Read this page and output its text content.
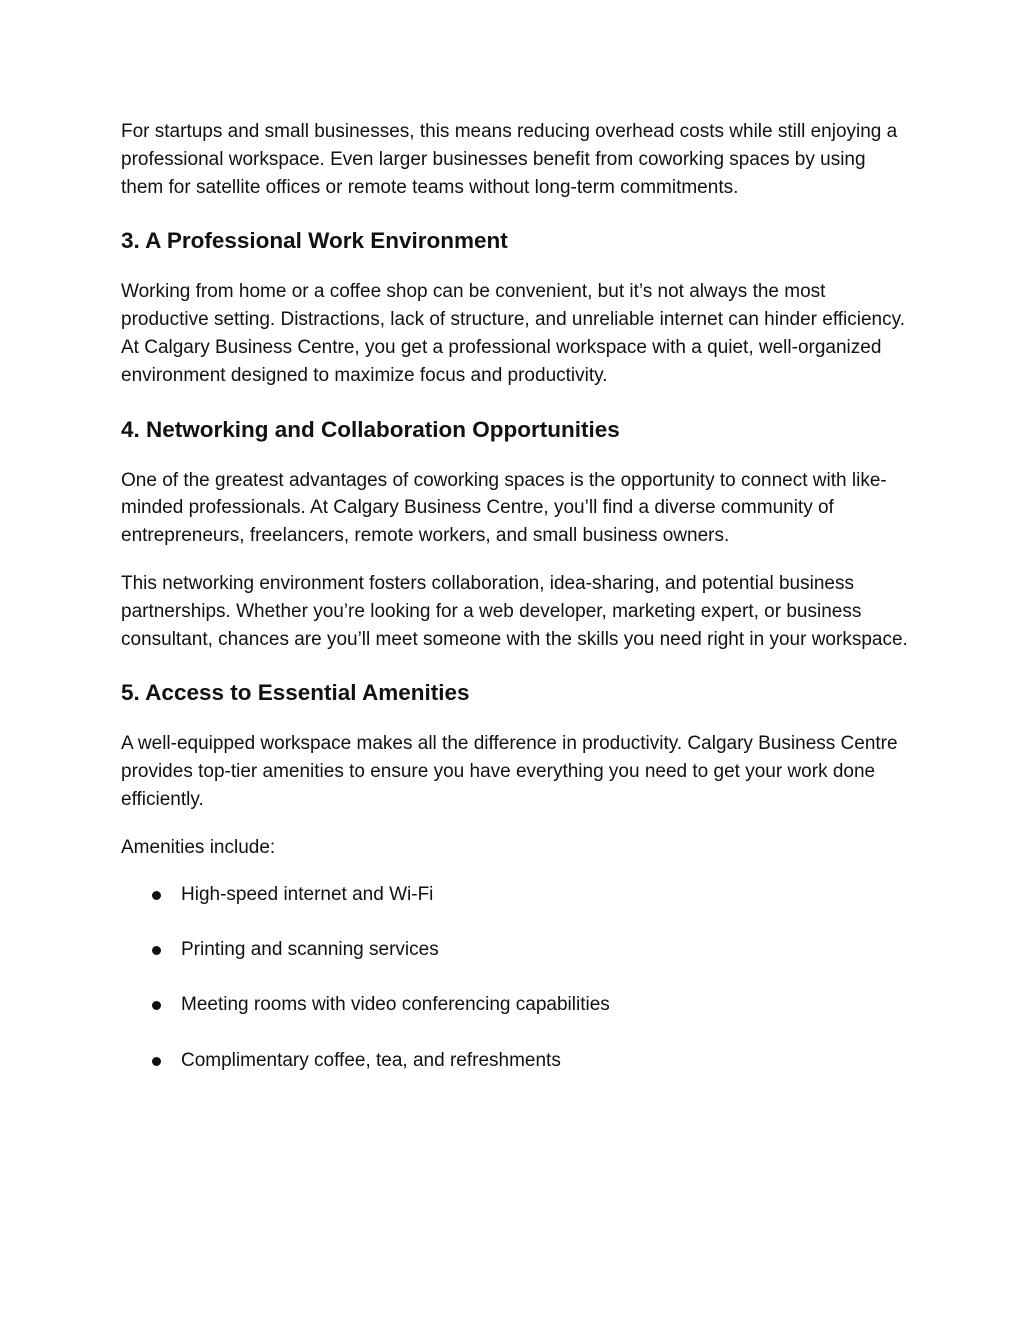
For startups and small businesses, this means reducing overhead costs while still enjoying a professional workspace. Even larger businesses benefit from coworking spaces by using them for satellite offices or remote teams without long-term commitments.

3. A Professional Work Environment

Working from home or a coffee shop can be convenient, but it’s not always the most productive setting. Distractions, lack of structure, and unreliable internet can hinder efficiency. At Calgary Business Centre, you get a professional workspace with a quiet, well-organized environment designed to maximize focus and productivity.

4. Networking and Collaboration Opportunities

One of the greatest advantages of coworking spaces is the opportunity to connect with like-minded professionals. At Calgary Business Centre, you’ll find a diverse community of entrepreneurs, freelancers, remote workers, and small business owners.

This networking environment fosters collaboration, idea-sharing, and potential business partnerships. Whether you’re looking for a web developer, marketing expert, or business consultant, chances are you’ll meet someone with the skills you need right in your workspace.

5. Access to Essential Amenities

A well-equipped workspace makes all the difference in productivity. Calgary Business Centre provides top-tier amenities to ensure you have everything you need to get your work done efficiently.

Amenities include:

High-speed internet and Wi-Fi
Printing and scanning services
Meeting rooms with video conferencing capabilities
Complimentary coffee, tea, and refreshments
